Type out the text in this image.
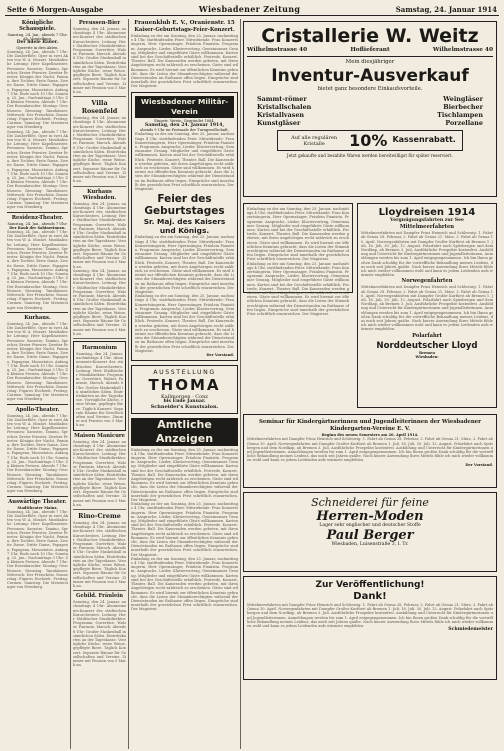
Seite 6 Morgen-Ausgabe	Wiesbadener Zeitung	Samstag, 24. Januar 1914
Königliche Schauspiele.
Samstag, 24. Jan., abends 7 Uhr:
Ab. Vorstellung.
Der fidele Bauer.
Operette in drei Akten.
Samstag, 24. Jan., abends 7 Uhr: Die Zauberflöte. Oper in zwei Akten von W. A. Mozart. Musikalische Leitung: Herr Kapellmeister. Personen: Sarastro, Tamino, Sprecher, Erster Priester, Zweiter Priester, Königin der Nacht, Pamina, ihre Tochter, Erste Dame, Zweite Dame, Dritte Dame, Papageno, Papagena, Monostatos. Anfang 7 Uhr. Ende nach 10 Uhr. Sonntag, 25. Jan.: Nachmittags 3 Uhr: Zu kleinen Preisen. Abends 7 Uhr: Der Rosenkavalier. Montag: Geschlossen. Dienstag: Tannhäuser. Mittwoch: Der Freischütz. Donnerstag: Figaros Hochzeit. Freitag: Carmen. Samstag: Die Meistersinger von Nürnberg.
Samstag, 24. Jan., abends 7 Uhr: Die Zauberflöte. Oper in zwei Akten von W. A. Mozart. Musikalische Leitung: Herr Kapellmeister. Personen: Sarastro, Tamino, Sprecher, Erster Priester, Zweiter Priester, Königin der Nacht, Pamina, ihre Tochter, Erste Dame, Zweite Dame, Dritte Dame, Papageno, Papagena, Monostatos. Anfang 7 Uhr. Ende nach 10 Uhr. Sonntag, 25. Jan.: Nachmittags 3 Uhr: Zu kleinen Preisen. Abends 7 Uhr: Der Rosenkavalier. Montag: Geschlossen. Dienstag: Tannhäuser. Mittwoch: Der Freischütz. Donnerstag: Figaros Hochzeit. Freitag: Carmen. Samstag: Die Meistersinger von Nürnberg.
Residenz-Theater.
Samstag, 24. Jan., abends 7 Uhr:
Der Raub der Sabinerinnen.
Samstag, 24. Jan., abends 7 Uhr: Die Zauberflöte. Oper in zwei Akten von W. A. Mozart. Musikalische Leitung: Herr Kapellmeister. Personen: Sarastro, Tamino, Sprecher, Erster Priester, Zweiter Priester, Königin der Nacht, Pamina, ihre Tochter, Erste Dame, Zweite Dame, Dritte Dame, Papageno, Papagena, Monostatos. Anfang 7 Uhr. Ende nach 10 Uhr. Sonntag, 25. Jan.: Nachmittags 3 Uhr: Zu kleinen Preisen. Abends 7 Uhr: Der Rosenkavalier. Montag: Geschlossen. Dienstag: Tannhäuser. Mittwoch: Der Freischütz. Donnerstag: Figaros Hochzeit. Freitag: Carmen. Samstag: Die Meistersinger von Nürnberg.
Kurhaus.
Samstag, 24. Jan., abends 7 Uhr: Die Zauberflöte. Oper in zwei Akten von W. A. Mozart. Musikalische Leitung: Herr Kapellmeister. Personen: Sarastro, Tamino, Sprecher, Erster Priester, Zweiter Priester, Königin der Nacht, Pamina, ihre Tochter, Erste Dame, Zweite Dame, Dritte Dame, Papageno, Papagena, Monostatos. Anfang 7 Uhr. Ende nach 10 Uhr. Sonntag, 25. Jan.: Nachmittags 3 Uhr: Zu kleinen Preisen. Abends 7 Uhr: Der Rosenkavalier. Montag: Geschlossen. Dienstag: Tannhäuser. Mittwoch: Der Freischütz. Donnerstag: Figaros Hochzeit. Freitag: Carmen. Samstag: Die Meistersinger von Nürnberg.
Apollo-Theater.
Samstag, 24. Jan., abends 7 Uhr: Die Zauberflöte. Oper in zwei Akten von W. A. Mozart. Musikalische Leitung: Herr Kapellmeister. Personen: Sarastro, Tamino, Sprecher, Erster Priester, Zweiter Priester, Königin der Nacht, Pamina, ihre Tochter, Erste Dame, Zweite Dame, Dritte Dame, Papageno, Papagena, Monostatos. Anfang 7 Uhr. Ende nach 10 Uhr. Sonntag, 25. Jan.: Nachmittags 3 Uhr: Zu kleinen Preisen. Abends 7 Uhr: Der Rosenkavalier. Montag: Geschlossen. Dienstag: Tannhäuser. Mittwoch: Der Freischütz. Donnerstag: Figaros Hochzeit. Freitag: Carmen. Samstag: Die Meistersinger von Nürnberg.
Auswärtige Theater.
Stadttheater Mainz.
Samstag, 24. Jan., abends 7 Uhr: Die Zauberflöte. Oper in zwei Akten von W. A. Mozart. Musikalische Leitung: Herr Kapellmeister. Personen: Sarastro, Tamino, Sprecher, Erster Priester, Zweiter Priester, Königin der Nacht, Pamina, ihre Tochter, Erste Dame, Zweite Dame, Dritte Dame, Papageno, Papagena, Monostatos. Anfang 7 Uhr. Ende nach 10 Uhr. Sonntag, 25. Jan.: Nachmittags 3 Uhr: Zu kleinen Preisen. Abends 7 Uhr: Der Rosenkavalier. Montag: Geschlossen. Dienstag: Tannhäuser. Mittwoch: Der Freischütz. Donnerstag: Figaros Hochzeit. Freitag: Carmen. Samstag: Die Meistersinger von Nürnberg.
Preussen-Bier
Samstag, den 24. Januar, nachmittags 4 Uhr: Abonnements-Konzert des städtischen Kurorchesters. Leitung: Herr Städtischer Musikdirektor. Programm: Ouvertüre, Walzer, Fantasie, Marsch. Abends 8 Uhr: Großer Maskenball in sämtlichen Sälen. Eintrittskarten an der Tageskasse. Vorzügliche Küche, reine Weine, gepflegte Biere. Täglich Konzert. Separate Räume für Gesellschaften und Vereine. Zimmer mit Pension von 5 Mark an.
Villa Rosenfeld
Samstag, den 24. Januar, nachmittags 4 Uhr: Abonnements-Konzert des städtischen Kurorchesters. Leitung: Herr Städtischer Musikdirektor. Programm: Ouvertüre, Walzer, Fantasie, Marsch. Abends 8 Uhr: Großer Maskenball in sämtlichen Sälen. Eintrittskarten an der Tageskasse. Vorzügliche Küche, reine Weine, gepflegte Biere. Täglich Konzert. Separate Räume für Gesellschaften und Vereine. Zimmer mit Pension von 5 Mark an.
Kurhaus Wiesbaden.
Samstag, den 24. Januar, nachmittags 4 Uhr: Abonnements-Konzert des städtischen Kurorchesters. Leitung: Herr Städtischer Musikdirektor. Programm: Ouvertüre, Walzer, Fantasie, Marsch. Abends 8 Uhr: Großer Maskenball in sämtlichen Sälen. Eintrittskarten an der Tageskasse. Vorzügliche Küche, reine Weine, gepflegte Biere. Täglich Konzert. Separate Räume für Gesellschaften und Vereine. Zimmer mit Pension von 5 Mark an.
Samstag, den 24. Januar, nachmittags 4 Uhr: Abonnements-Konzert des städtischen Kurorchesters. Leitung: Herr Städtischer Musikdirektor. Programm: Ouvertüre, Walzer, Fantasie, Marsch. Abends 8 Uhr: Großer Maskenball in sämtlichen Sälen. Eintrittskarten an der Tageskasse. Vorzügliche Küche, reine Weine, gepflegte Biere. Täglich Konzert. Separate Räume für Gesellschaften und Vereine. Zimmer mit Pension von 5 Mark an.
Harmonium
Samstag, den 24. Januar, nachmittags 4 Uhr: Abonnements-Konzert des städtischen Kurorchesters. Leitung: Herr Städtischer Musikdirektor. Programm: Ouvertüre, Walzer, Fantasie, Marsch. Abends 8 Uhr: Großer Maskenball in sämtlichen Sälen. Eintrittskarten an der Tageskasse. Vorzügliche Küche, reine Weine, gepflegte Biere. Täglich Konzert. Separate Räume für Gesellschaften und Vereine. Zimmer mit Pension von 5 Mark an.
Maison Manicure
Samstag, den 24. Januar, nachmittags 4 Uhr: Abonnements-Konzert des städtischen Kurorchesters. Leitung: Herr Städtischer Musikdirektor. Programm: Ouvertüre, Walzer, Fantasie, Marsch. Abends 8 Uhr: Großer Maskenball in sämtlichen Sälen. Eintrittskarten an der Tageskasse. Vorzügliche Küche, reine Weine, gepflegte Biere. Täglich Konzert. Separate Räume für Gesellschaften und Vereine. Zimmer mit Pension von 5 Mark an.
Rino-Creme
Samstag, den 24. Januar, nachmittags 4 Uhr: Abonnements-Konzert des städtischen Kurorchesters. Leitung: Herr Städtischer Musikdirektor. Programm: Ouvertüre, Walzer, Fantasie, Marsch. Abends 8 Uhr: Großer Maskenball in sämtlichen Sälen. Eintrittskarten an der Tageskasse. Vorzügliche Küche, reine Weine, gepflegte Biere. Täglich Konzert. Separate Räume für Gesellschaften und Vereine. Zimmer mit Pension von 5 Mark an.
Gebild. Fräulein
Samstag, den 24. Januar, nachmittags 4 Uhr: Abonnements-Konzert des städtischen Kurorchesters. Leitung: Herr Städtischer Musikdirektor. Programm: Ouvertüre, Walzer, Fantasie, Marsch. Abends 8 Uhr: Großer Maskenball in sämtlichen Sälen. Eintrittskarten an der Tageskasse. Vorzügliche Küche, reine Weine, gepflegte Biere. Täglich Konzert. Separate Räume für Gesellschaften und Vereine. Zimmer mit Pension von 5 Mark an.
Frauenklub E. V., Oranienstr. 15
Kaiser-Geburtstags-Feier-Konzert.
Einladung zu der am Sonntag, den 25. Januar, nachmittags 4 Uhr, stattfindenden Feier. Mitwirkende: Frau Konzertsängerin, Herr Opernsänger, Fräulein Pianistin. Programm: Ansprache, Lieder, Klaviervortrag, Gemeinsamer Gesang. Mitglieder und eingeführte Gäste willkommen. Karten sind bei der Geschäftsstelle erhältlich. Festrede, Konzert, Theater, Ball. Die Kameraden werden gebeten, mit ihren Angehörigen recht zahlreich zu erscheinen. Gäste sind willkommen. Es wird hiermit zur öffentlichen Kenntnis gebracht, dass die Listen der Stimmberechtigten während der Dienststunden im Rathause offen liegen. Einsprüche sind innerhalb der gesetzlichen Frist schriftlich einzureichen. Der Magistrat.
Wiesbadener Militär-Verein
Eingetr. Verein. Gegründet 1884.
Samstag, den 24. Januar 1914,
abends 9 Uhr im Festsaale der Turngesellschaft,
Einladung zu der am Sonntag, den 25. Januar, nachmittags 4 Uhr, stattfindenden Feier. Mitwirkende: Frau Konzertsängerin, Herr Opernsänger, Fräulein Pianistin. Programm: Ansprache, Lieder, Klaviervortrag, Gemeinsamer Gesang. Mitglieder und eingeführte Gäste willkommen. Karten sind bei der Geschäftsstelle erhältlich. Festrede, Konzert, Theater, Ball. Die Kameraden werden gebeten, mit ihren Angehörigen recht zahlreich zu erscheinen. Gäste sind willkommen. Es wird hiermit zur öffentlichen Kenntnis gebracht, dass die Listen der Stimmberechtigten während der Dienststunden im Rathause offen liegen. Einsprüche sind innerhalb der gesetzlichen Frist schriftlich einzureichen. Der Magistrat.
Feier des Geburtstages
Sr. Maj. des Kaisers und Königs.
Einladung zu der am Sonntag, den 25. Januar, nachmittags 4 Uhr, stattfindenden Feier. Mitwirkende: Frau Konzertsängerin, Herr Opernsänger, Fräulein Pianistin. Programm: Ansprache, Lieder, Klaviervortrag, Gemeinsamer Gesang. Mitglieder und eingeführte Gäste willkommen. Karten sind bei der Geschäftsstelle erhältlich. Festrede, Konzert, Theater, Ball. Die Kameraden werden gebeten, mit ihren Angehörigen recht zahlreich zu erscheinen. Gäste sind willkommen. Es wird hiermit zur öffentlichen Kenntnis gebracht, dass die Listen der Stimmberechtigten während der Dienststunden im Rathause offen liegen. Einsprüche sind innerhalb der gesetzlichen Frist schriftlich einzureichen. Der Magistrat.
Einladung zu der am Sonntag, den 25. Januar, nachmittags 4 Uhr, stattfindenden Feier. Mitwirkende: Frau Konzertsängerin, Herr Opernsänger, Fräulein Pianistin. Programm: Ansprache, Lieder, Klaviervortrag, Gemeinsamer Gesang. Mitglieder und eingeführte Gäste willkommen. Karten sind bei der Geschäftsstelle erhältlich. Festrede, Konzert, Theater, Ball. Die Kameraden werden gebeten, mit ihren Angehörigen recht zahlreich zu erscheinen. Gäste sind willkommen. Es wird hiermit zur öffentlichen Kenntnis gebracht, dass die Listen der Stimmberechtigten während der Dienststunden im Rathause offen liegen. Einsprüche sind innerhalb der gesetzlichen Frist schriftlich einzureichen. Der Magistrat.
Der Vorstand.
AUSSTELLUNG
THOMA
Kallmorgen · Conz
bis Ende Januar.
Schneider's Kunstsalon.
Amtliche Anzeigen
Einladung zu der am Sonntag, den 25. Januar, nachmittags 4 Uhr, stattfindenden Feier. Mitwirkende: Frau Konzertsängerin, Herr Opernsänger, Fräulein Pianistin. Programm: Ansprache, Lieder, Klaviervortrag, Gemeinsamer Gesang. Mitglieder und eingeführte Gäste willkommen. Karten sind bei der Geschäftsstelle erhältlich. Festrede, Konzert, Theater, Ball. Die Kameraden werden gebeten, mit ihren Angehörigen recht zahlreich zu erscheinen. Gäste sind willkommen. Es wird hiermit zur öffentlichen Kenntnis gebracht, dass die Listen der Stimmberechtigten während der Dienststunden im Rathause offen liegen. Einsprüche sind innerhalb der gesetzlichen Frist schriftlich einzureichen. Der Magistrat.
Einladung zu der am Sonntag, den 25. Januar, nachmittags 4 Uhr, stattfindenden Feier. Mitwirkende: Frau Konzertsängerin, Herr Opernsänger, Fräulein Pianistin. Programm: Ansprache, Lieder, Klaviervortrag, Gemeinsamer Gesang. Mitglieder und eingeführte Gäste willkommen. Karten sind bei der Geschäftsstelle erhältlich. Festrede, Konzert, Theater, Ball. Die Kameraden werden gebeten, mit ihren Angehörigen recht zahlreich zu erscheinen. Gäste sind willkommen. Es wird hiermit zur öffentlichen Kenntnis gebracht, dass die Listen der Stimmberechtigten während der Dienststunden im Rathause offen liegen. Einsprüche sind innerhalb der gesetzlichen Frist schriftlich einzureichen. Der Magistrat.
Einladung zu der am Sonntag, den 25. Januar, nachmittags 4 Uhr, stattfindenden Feier. Mitwirkende: Frau Konzertsängerin, Herr Opernsänger, Fräulein Pianistin. Programm: Ansprache, Lieder, Klaviervortrag, Gemeinsamer Gesang. Mitglieder und eingeführte Gäste willkommen. Karten sind bei der Geschäftsstelle erhältlich. Festrede, Konzert, Theater, Ball. Die Kameraden werden gebeten, mit ihren Angehörigen recht zahlreich zu erscheinen. Gäste sind willkommen. Es wird hiermit zur öffentlichen Kenntnis gebracht, dass die Listen der Stimmberechtigten während der Dienststunden im Rathause offen liegen. Einsprüche sind innerhalb der gesetzlichen Frist schriftlich einzureichen. Der Magistrat.
Cristallerie W. Weitz
Wilhelmstrasse 40	Hoflieferant	Wilhelmstrasse 40
Mein diesjähriger
Inventur-Ausverkauf
bietet ganz besondere Einkaufsvorteile.
Sammt-römer
Kristallschalen
Kristallvasen
Kunstgläser
Weingläser
Bierbecher
Tischlampen
Porzellane
Auf alle regulären Kristalle	10% Kassenrabatt.
Jetzt gekaufte und bezahlte Waren werden bereitwilligst für später reserviert.
Einladung zu der am Sonntag, den 25. Januar, nachmittags 4 Uhr, stattfindenden Feier. Mitwirkende: Frau Konzertsängerin, Herr Opernsänger, Fräulein Pianistin. Programm: Ansprache, Lieder, Klaviervortrag, Gemeinsamer Gesang. Mitglieder und eingeführte Gäste willkommen. Karten sind bei der Geschäftsstelle erhältlich. Festrede, Konzert, Theater, Ball. Die Kameraden werden gebeten, mit ihren Angehörigen recht zahlreich zu erscheinen. Gäste sind willkommen. Es wird hiermit zur öffentlichen Kenntnis gebracht, dass die Listen der Stimmberechtigten während der Dienststunden im Rathause offen liegen. Einsprüche sind innerhalb der gesetzlichen Frist schriftlich einzureichen. Der Magistrat.
Einladung zu der am Sonntag, den 25. Januar, nachmittags 4 Uhr, stattfindenden Feier. Mitwirkende: Frau Konzertsängerin, Herr Opernsänger, Fräulein Pianistin. Programm: Ansprache, Lieder, Klaviervortrag, Gemeinsamer Gesang. Mitglieder und eingeführte Gäste willkommen. Karten sind bei der Geschäftsstelle erhältlich. Festrede, Konzert, Theater, Ball. Die Kameraden werden gebeten, mit ihren Angehörigen recht zahlreich zu erscheinen. Gäste sind willkommen. Es wird hiermit zur öffentlichen Kenntnis gebracht, dass die Listen der Stimmberechtigten während der Dienststunden im Rathause offen liegen. Einsprüche sind innerhalb der gesetzlichen Frist schriftlich einzureichen. Der Magistrat.
Lloydreisen 1914
Vergnügungsfahrten zur See
Mittelmeerfahrten
Mittelmeerfahrten mit Dampfer Prinz Heinrich und Schleswig: 1. Fahrt ab Genua 28. Februar, 2. Fahrt ab Genua 21. März, 3. Fahrt ab Genua 10. April. Norwegenfahrten mit Dampfer Großer Kurfürst ab Bremen 1. Juli, 16. Juli, 30. Juli, 12. August. Polarfahrt nach Spitzbergen und dem Nordkap, ab Bremen 3. Juli. Ausführliche Prospekte kostenfrei. Ausbildung und Unterricht für Kindergärtnerinnen und Jugendleiterinnen. Anmeldungen werden bis zum 1. April entgegengenommen. Ich bin Ihnen großen Dank schuldig für die vortreffliche Behandlung meines Leidens, das mich seit Jahren quälte. Nach kurzer Anwendung Ihres Mittels fühle ich mich wieder vollkommen wohl und kann es jedem Leidenden aufs wärmste empfehlen.
Norwegenfahrten
Mittelmeerfahrten mit Dampfer Prinz Heinrich und Schleswig: 1. Fahrt ab Genua 28. Februar, 2. Fahrt ab Genua 21. März, 3. Fahrt ab Genua 10. April. Norwegenfahrten mit Dampfer Großer Kurfürst ab Bremen 1. Juli, 16. Juli, 30. Juli, 12. August. Polarfahrt nach Spitzbergen und dem Nordkap, ab Bremen 3. Juli. Ausführliche Prospekte kostenfrei. Ausbildung und Unterricht für Kindergärtnerinnen und Jugendleiterinnen. Anmeldungen werden bis zum 1. April entgegengenommen. Ich bin Ihnen großen Dank schuldig für die vortreffliche Behandlung meines Leidens, das mich seit Jahren quälte. Nach kurzer Anwendung Ihres Mittels fühle ich mich wieder vollkommen wohl und kann es jedem Leidenden aufs wärmste empfehlen.
Polarfahrt
Norddeutscher Lloyd
Bremen
Wiesbaden:
Seminar für Kindergärtnerinnen und Jugendleiterinnen der Wiesbadener Kindergarten-Vereine E. V.
Beginn des neuen Semesters am 20. April 1914.
Mittelmeerfahrten mit Dampfer Prinz Heinrich und Schleswig: 1. Fahrt ab Genua 28. Februar, 2. Fahrt ab Genua 21. März, 3. Fahrt ab Genua 10. April. Norwegenfahrten mit Dampfer Großer Kurfürst ab Bremen 1. Juli, 16. Juli, 30. Juli, 12. August. Polarfahrt nach Spitzbergen und dem Nordkap, ab Bremen 3. Juli. Ausführliche Prospekte kostenfrei. Ausbildung und Unterricht für Kindergärtnerinnen und Jugendleiterinnen. Anmeldungen werden bis zum 1. April entgegengenommen. Ich bin Ihnen großen Dank schuldig für die vortreffliche Behandlung meines Leidens, das mich seit Jahren quälte. Nach kurzer Anwendung Ihres Mittels fühle ich mich wieder vollkommen wohl und kann es jedem Leidenden aufs wärmste empfehlen.
Der Vorstand.
Schneiderei für feine
Herren-Moden
Lager sehr englischer und deutscher Stoffe
Paul Berger
Wiesbaden, Luisenstraße 3, I. Tr.
Zur Veröffentlichung!
Dank!
Mittelmeerfahrten mit Dampfer Prinz Heinrich und Schleswig: 1. Fahrt ab Genua 28. Februar, 2. Fahrt ab Genua 21. März, 3. Fahrt ab Genua 10. April. Norwegenfahrten mit Dampfer Großer Kurfürst ab Bremen 1. Juli, 16. Juli, 30. Juli, 12. August. Polarfahrt nach Spitzbergen und dem Nordkap, ab Bremen 3. Juli. Ausführliche Prospekte kostenfrei. Ausbildung und Unterricht für Kindergärtnerinnen und Jugendleiterinnen. Anmeldungen werden bis zum 1. April entgegengenommen. Ich bin Ihnen großen Dank schuldig für die vortreffliche Behandlung meines Leidens, das mich seit Jahren quälte. Nach kurzer Anwendung Ihres Mittels fühle ich mich wieder vollkommen wohl und kann es jedem Leidenden aufs wärmste empfehlen.
Schmiedemeister
